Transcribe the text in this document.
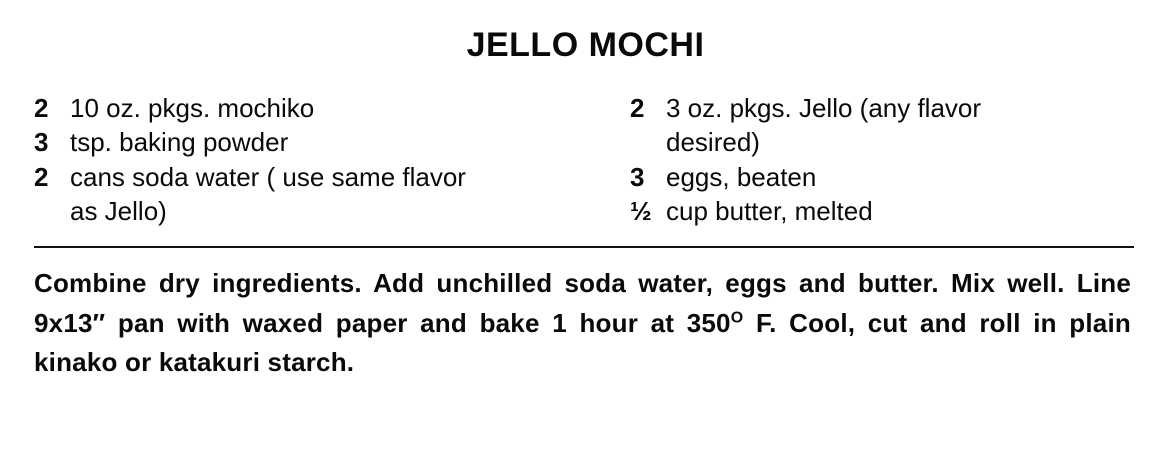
JELLO MOCHI
2 10 oz. pkgs. mochiko
3 tsp. baking powder
2 cans soda water ( use same flavor
as Jello)
2 3 oz. pkgs. Jello (any flavor
desired)
3 eggs, beaten
½ cup butter, melted

Combine dry ingredients. Add unchilled soda water, eggs and butter. Mix well. Line 9x13″ pan with waxed paper and bake 1 hour at $350^O$ F. Cool, cut and roll in plain kinako or katakuri starch.
